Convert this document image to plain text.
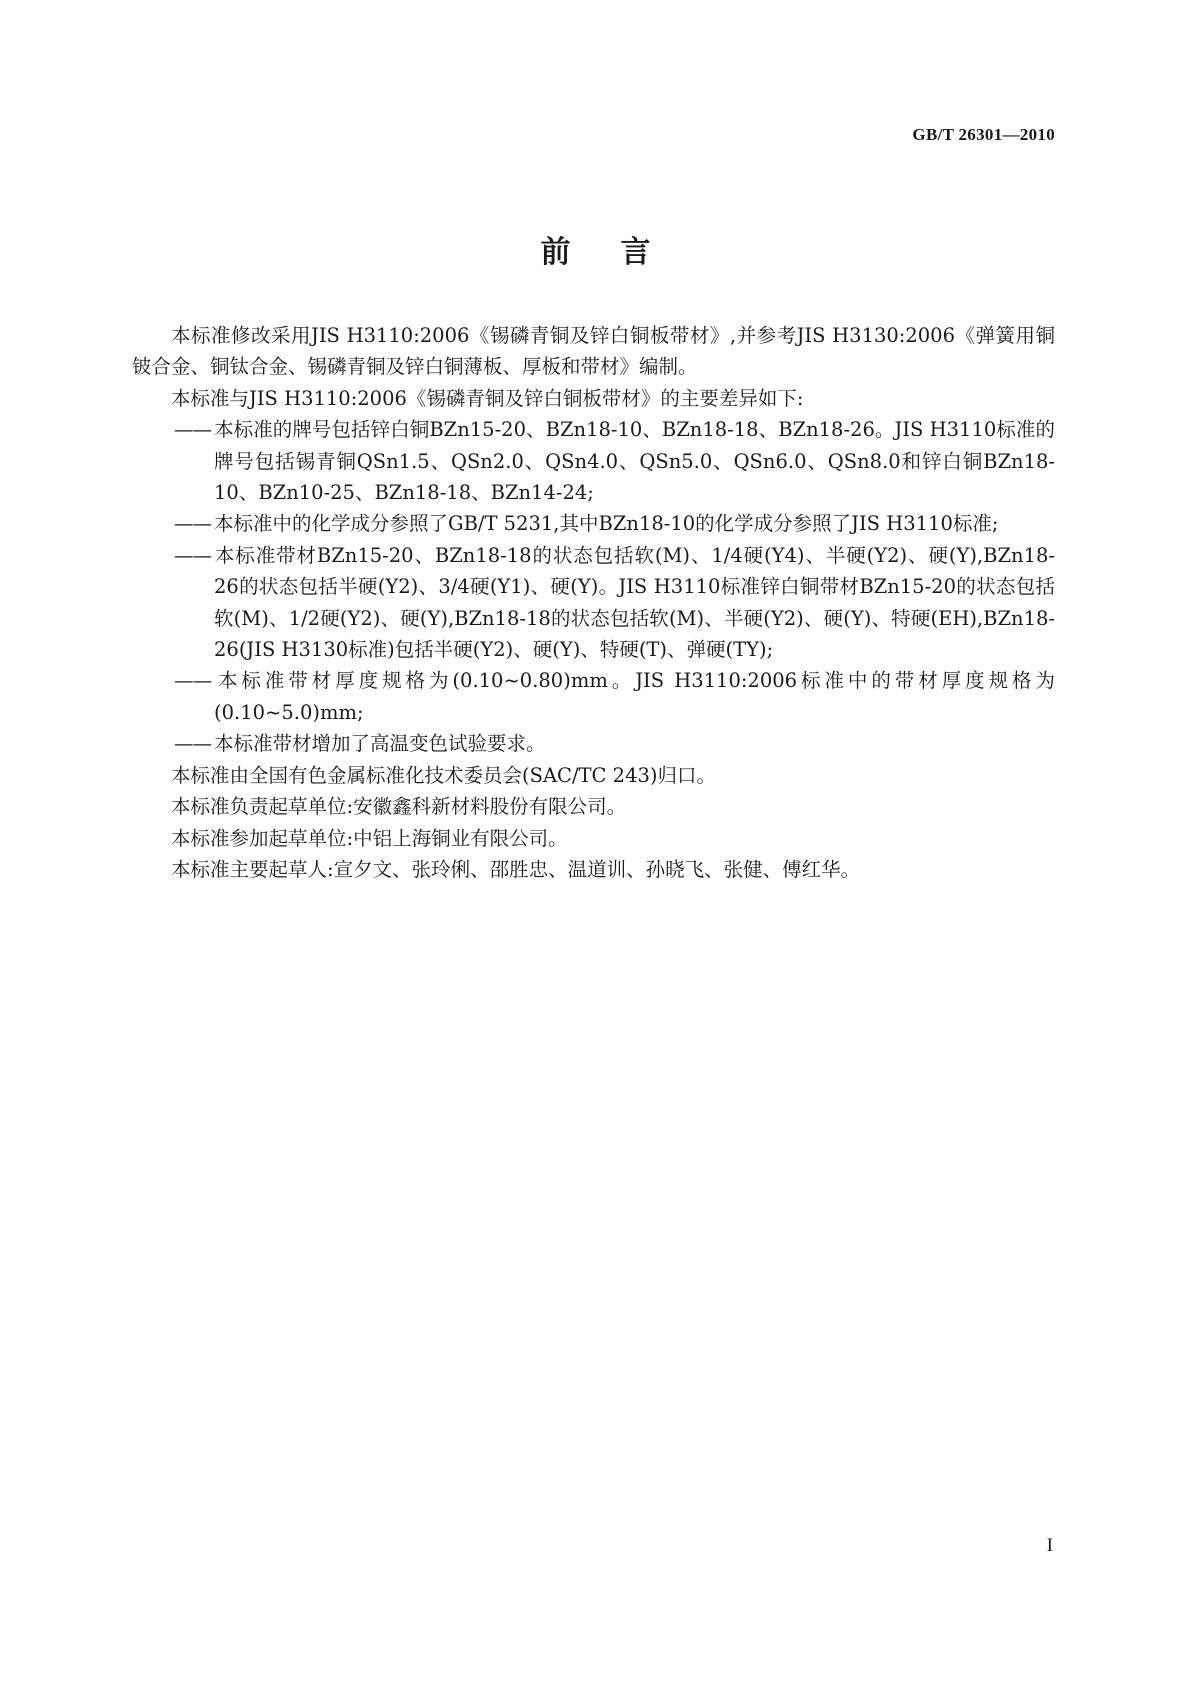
GB/T 26301—2010
前言

本标准修改采用JIS H3110:2006《锡磷青铜及锌白铜板带材》,并参考JIS H3130:2006《弹簧用铜铍合金、铜钛合金、锡磷青铜及锌白铜薄板、厚板和带材》编制。

本标准与JIS H3110:2006《锡磷青铜及锌白铜板带材》的主要差异如下:

—— 本标准的牌号包括锌白铜BZn15-20、BZn18-10、BZn18-18、BZn18-26。JIS H3110标准的牌号包括锡青铜QSn1.5、QSn2.0、QSn4.0、QSn5.0、QSn6.0、QSn8.0和锌白铜BZn18-10、BZn10-25、BZn18-18、BZn14-24;

—— 本标准中的化学成分参照了GB/T 5231,其中BZn18-10的化学成分参照了JIS H3110标准;

—— 本标准带材BZn15-20、BZn18-18的状态包括软(M)、1/4硬(Y4)、半硬(Y2)、硬(Y),BZn18-26的状态包括半硬(Y2)、3/4硬(Y1)、硬(Y)。JIS H3110标准锌白铜带材BZn15-20的状态包括软(M)、1/2硬(Y2)、硬(Y),BZn18-18的状态包括软(M)、半硬(Y2)、硬(Y)、特硬(EH),BZn18-26(JIS H3130标准)包括半硬(Y2)、硬(Y)、特硬(T)、弹硬(TY);

—— 本标准带材厚度规格为(0.10~0.80)mm。JIS H3110:2006标准中的带材厚度规格为(0.10~5.0)mm;

—— 本标准带材增加了高温变色试验要求。

本标准由全国有色金属标准化技术委员会(SAC/TC 243)归口。

本标准负责起草单位:安徽鑫科新材料股份有限公司。

本标准参加起草单位:中铝上海铜业有限公司。

本标准主要起草人:宣夕文、张玲俐、邵胜忠、温道训、孙晓飞、张健、傅红华。

I
